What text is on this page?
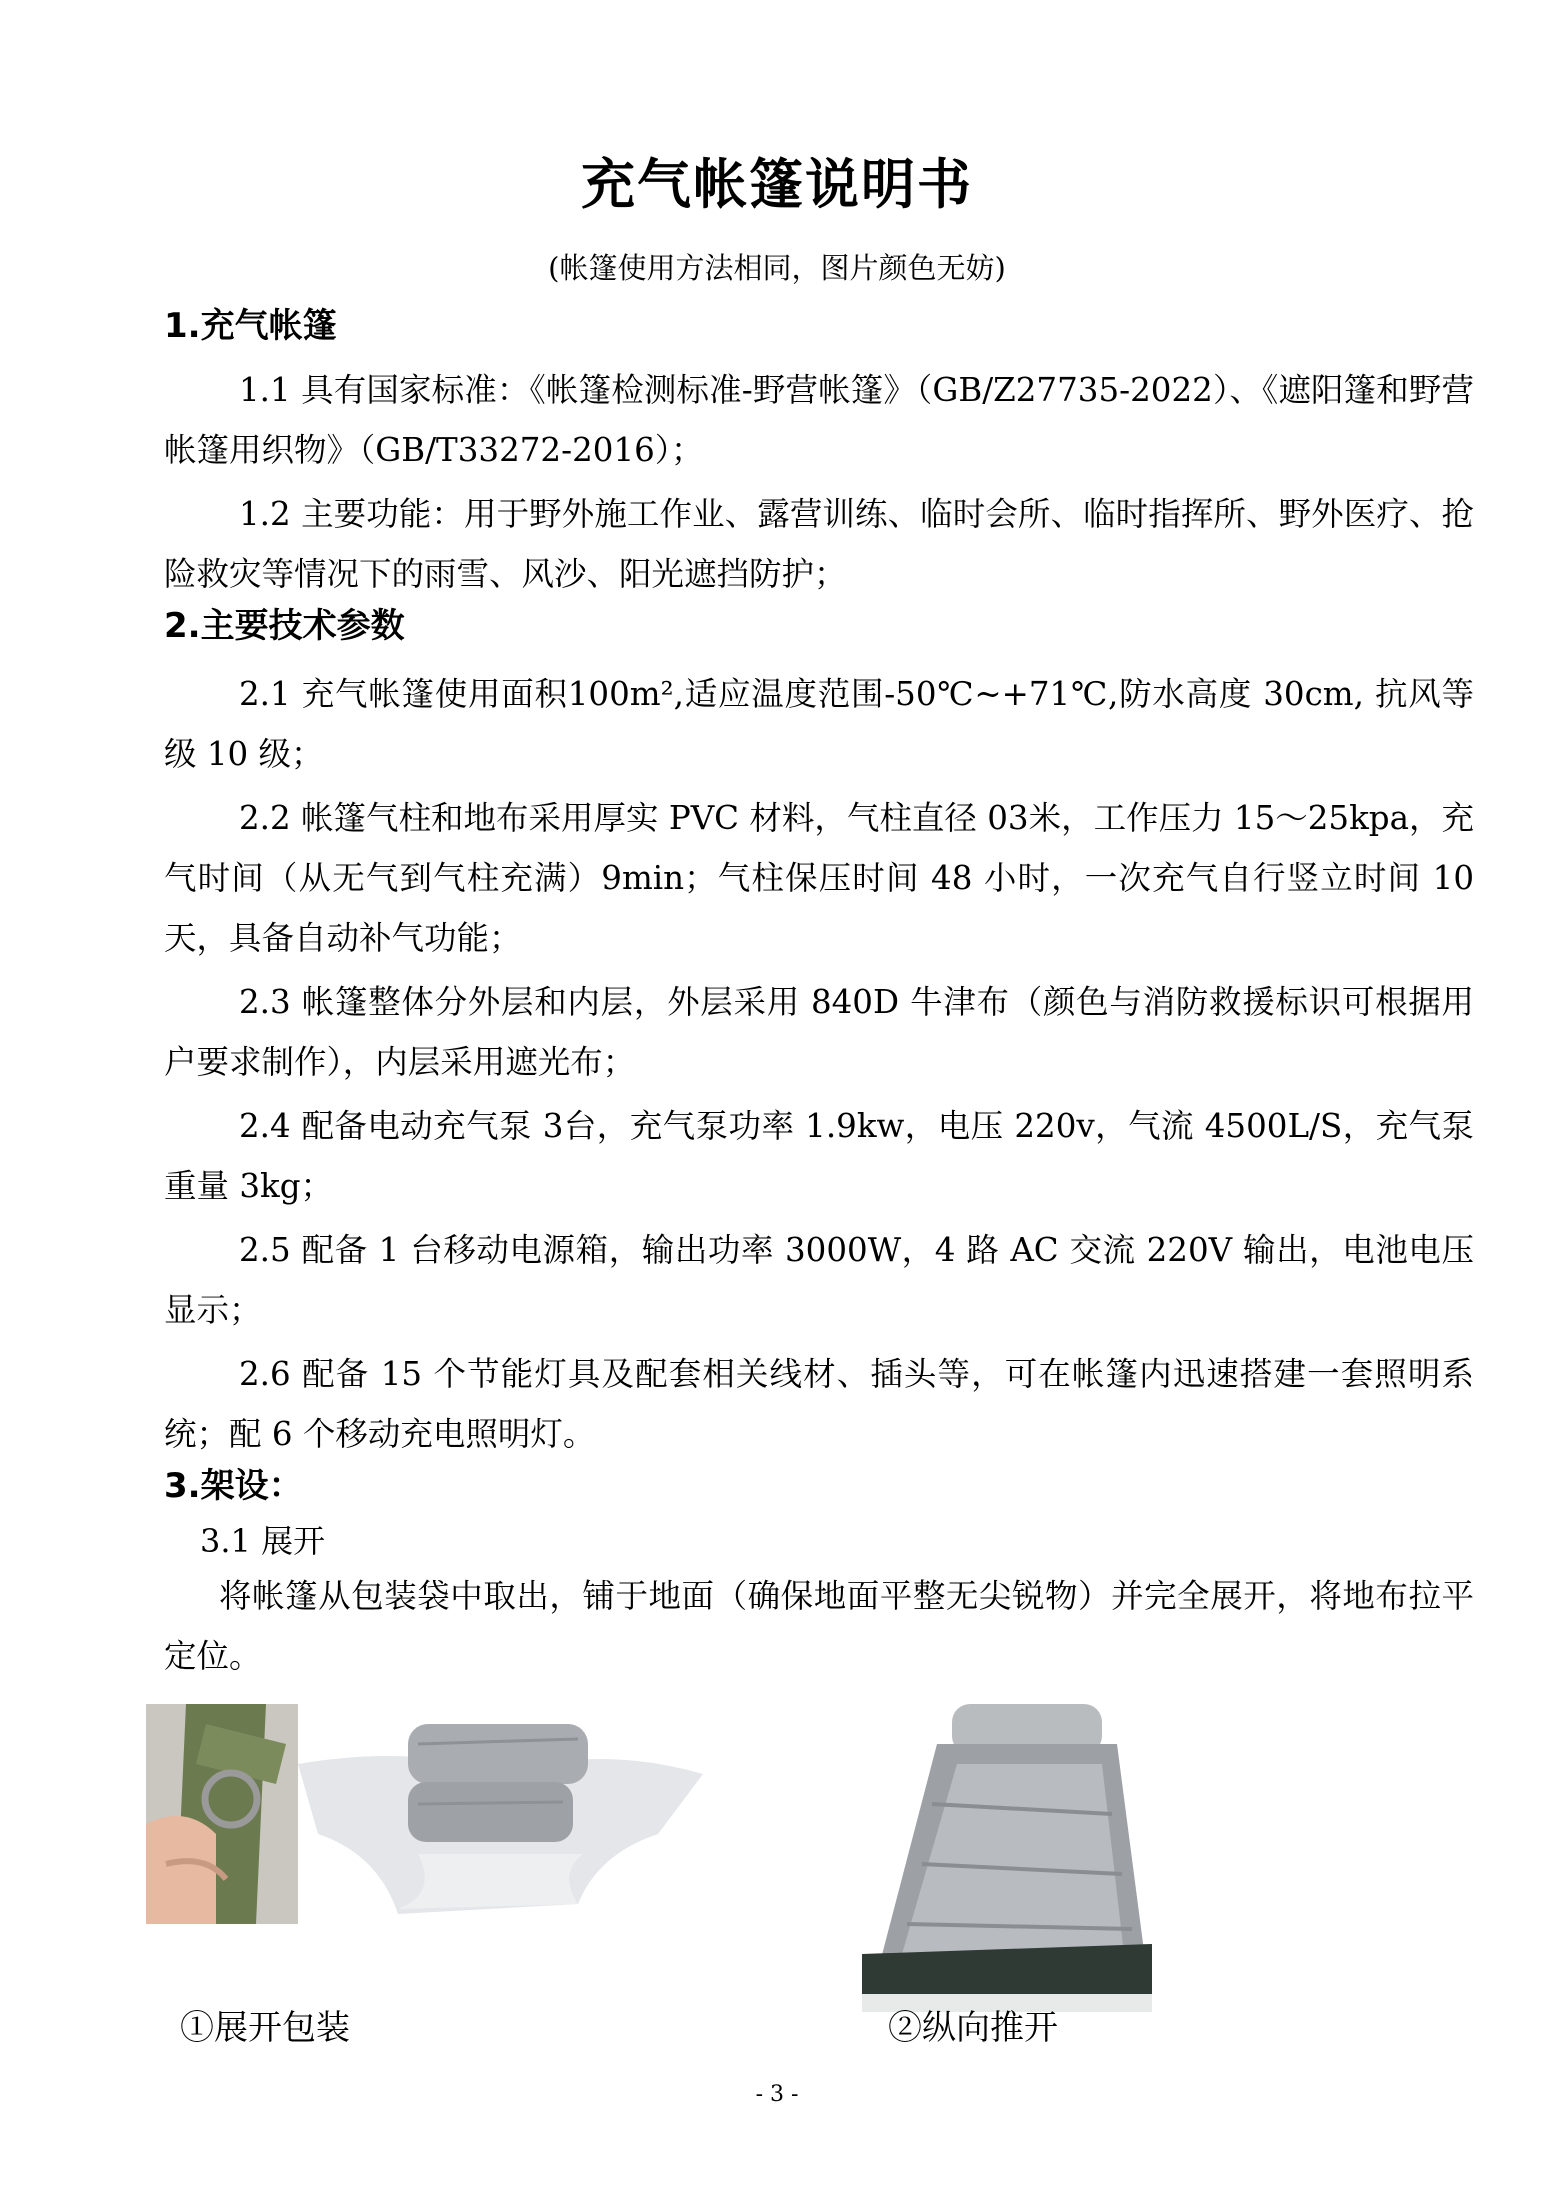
充气帐篷说明书
(帐篷使用方法相同，图片颜色无妨)
1.充气帐篷

1.1 具有国家标准：《帐篷检测标准-野营帐篷》（GB/Z27735-2022）、《遮阳篷和野营帐篷用织物》（GB/T33272-2016）；

1.2 主要功能：用于野外施工作业、露营训练、临时会所、临时指挥所、野外医疗、抢险救灾等情况下的雨雪、风沙、阳光遮挡防护；

2.主要技术参数

2.1 充气帐篷使用面积100m²,适应温度范围-50℃~+71℃,防水高度 30cm, 抗风等级 10 级；

2.2 帐篷气柱和地布采用厚实 PVC 材料，气柱直径 03米，工作压力 15～25kpa，充气时间（从无气到气柱充满）9min；气柱保压时间 48 小时，一次充气自行竖立时间 10 天，具备自动补气功能；

2.3 帐篷整体分外层和内层，外层采用 840D 牛津布（颜色与消防救援标识可根据用户要求制作），内层采用遮光布；

2.4 配备电动充气泵 3台，充气泵功率 1.9kw，电压 220v，气流 4500L/S，充气泵重量 3kg；

2.5 配备 1 台移动电源箱，输出功率 3000W，4 路 AC 交流 220V 输出，电池电压显示；

2.6 配备 15 个节能灯具及配套相关线材、插头等，可在帐篷内迅速搭建一套照明系统；配 6 个移动充电照明灯。

3.架设：
3.1 展开

将帐篷从包装袋中取出，铺于地面（确保地面平整无尖锐物）并完全展开，将地布拉平定位。

①展开包装	②纵向推开
- 3 -
